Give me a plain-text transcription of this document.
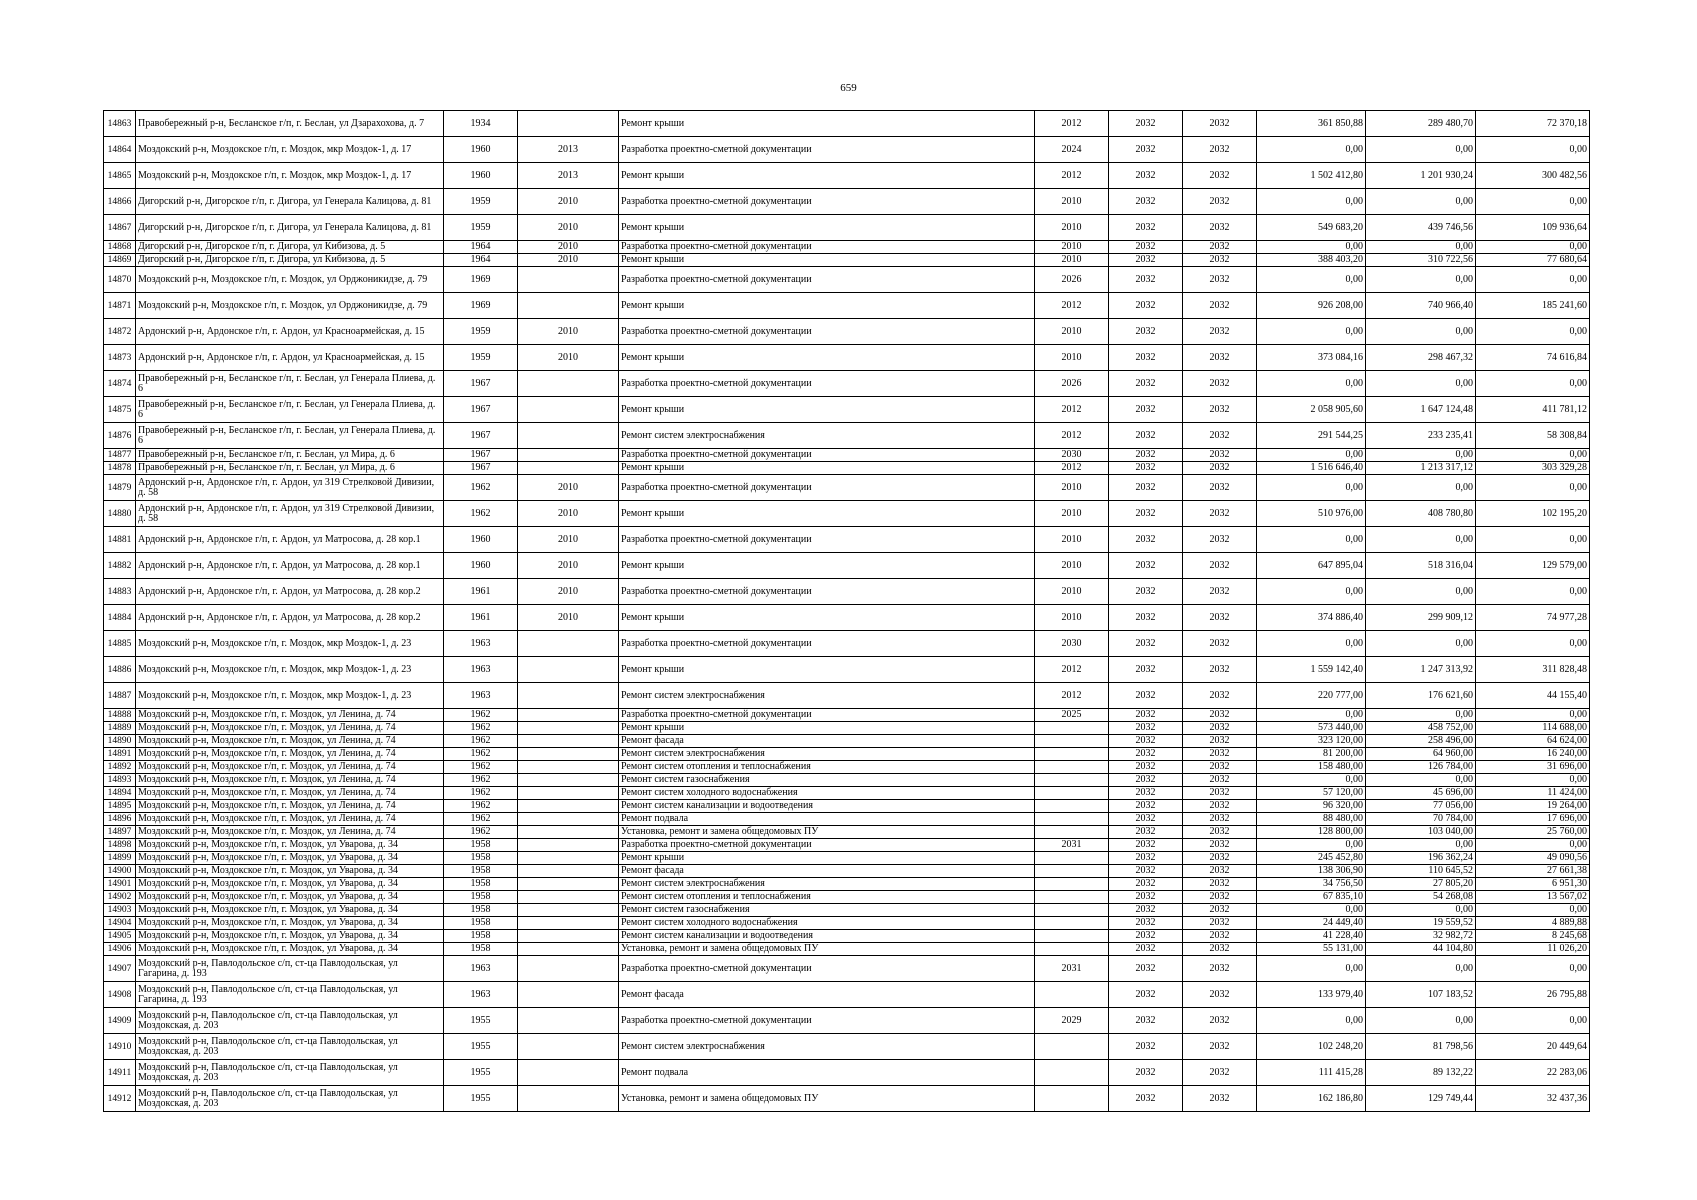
659
14863	Правобережный р-н, Бесланское г/п, г. Беслан, ул Дзарахохова, д. 7	1934		Ремонт крыши	2012	2032	2032	361 850,88	289 480,70	72 370,18
14864	Моздокский р-н, Моздокское г/п, г. Моздок, мкр Моздок-1, д. 17	1960	2013	Разработка проектно-сметной документации	2024	2032	2032	0,00	0,00	0,00
14865	Моздокский р-н, Моздокское г/п, г. Моздок, мкр Моздок-1, д. 17	1960	2013	Ремонт крыши	2012	2032	2032	1 502 412,80	1 201 930,24	300 482,56
14866	Дигорский р-н, Дигорское г/п, г. Дигора, ул Генерала Калицова, д. 81	1959	2010	Разработка проектно-сметной документации	2010	2032	2032	0,00	0,00	0,00
14867	Дигорский р-н, Дигорское г/п, г. Дигора, ул Генерала Калицова, д. 81	1959	2010	Ремонт крыши	2010	2032	2032	549 683,20	439 746,56	109 936,64
14868	Дигорский р-н, Дигорское г/п, г. Дигора, ул Кибизова, д. 5	1964	2010	Разработка проектно-сметной документации	2010	2032	2032	0,00	0,00	0,00
14869	Дигорский р-н, Дигорское г/п, г. Дигора, ул Кибизова, д. 5	1964	2010	Ремонт крыши	2010	2032	2032	388 403,20	310 722,56	77 680,64
14870	Моздокский р-н, Моздокское г/п, г. Моздок, ул Орджоникидзе, д. 79	1969		Разработка проектно-сметной документации	2026	2032	2032	0,00	0,00	0,00
14871	Моздокский р-н, Моздокское г/п, г. Моздок, ул Орджоникидзе, д. 79	1969		Ремонт крыши	2012	2032	2032	926 208,00	740 966,40	185 241,60
14872	Ардонский р-н, Ардонское г/п, г. Ардон, ул Красноармейская, д. 15	1959	2010	Разработка проектно-сметной документации	2010	2032	2032	0,00	0,00	0,00
14873	Ардонский р-н, Ардонское г/п, г. Ардон, ул Красноармейская, д. 15	1959	2010	Ремонт крыши	2010	2032	2032	373 084,16	298 467,32	74 616,84
14874	Правобережный р-н, Бесланское г/п, г. Беслан, ул Генерала Плиева, д. 6	1967		Разработка проектно-сметной документации	2026	2032	2032	0,00	0,00	0,00
14875	Правобережный р-н, Бесланское г/п, г. Беслан, ул Генерала Плиева, д. 6	1967		Ремонт крыши	2012	2032	2032	2 058 905,60	1 647 124,48	411 781,12
14876	Правобережный р-н, Бесланское г/п, г. Беслан, ул Генерала Плиева, д. 6	1967		Ремонт систем электроснабжения	2012	2032	2032	291 544,25	233 235,41	58 308,84
14877	Правобережный р-н, Бесланское г/п, г. Беслан, ул Мира, д. 6	1967		Разработка проектно-сметной документации	2030	2032	2032	0,00	0,00	0,00
14878	Правобережный р-н, Бесланское г/п, г. Беслан, ул Мира, д. 6	1967		Ремонт крыши	2012	2032	2032	1 516 646,40	1 213 317,12	303 329,28
14879	Ардонский р-н, Ардонское г/п, г. Ардон, ул 319 Стрелковой Дивизии, д. 58	1962	2010	Разработка проектно-сметной документации	2010	2032	2032	0,00	0,00	0,00
14880	Ардонский р-н, Ардонское г/п, г. Ардон, ул 319 Стрелковой Дивизии, д. 58	1962	2010	Ремонт крыши	2010	2032	2032	510 976,00	408 780,80	102 195,20
14881	Ардонский р-н, Ардонское г/п, г. Ардон, ул Матросова, д. 28 кор.1	1960	2010	Разработка проектно-сметной документации	2010	2032	2032	0,00	0,00	0,00
14882	Ардонский р-н, Ардонское г/п, г. Ардон, ул Матросова, д. 28 кор.1	1960	2010	Ремонт крыши	2010	2032	2032	647 895,04	518 316,04	129 579,00
14883	Ардонский р-н, Ардонское г/п, г. Ардон, ул Матросова, д. 28 кор.2	1961	2010	Разработка проектно-сметной документации	2010	2032	2032	0,00	0,00	0,00
14884	Ардонский р-н, Ардонское г/п, г. Ардон, ул Матросова, д. 28 кор.2	1961	2010	Ремонт крыши	2010	2032	2032	374 886,40	299 909,12	74 977,28
14885	Моздокский р-н, Моздокское г/п, г. Моздок, мкр Моздок-1, д. 23	1963		Разработка проектно-сметной документации	2030	2032	2032	0,00	0,00	0,00
14886	Моздокский р-н, Моздокское г/п, г. Моздок, мкр Моздок-1, д. 23	1963		Ремонт крыши	2012	2032	2032	1 559 142,40	1 247 313,92	311 828,48
14887	Моздокский р-н, Моздокское г/п, г. Моздок, мкр Моздок-1, д. 23	1963		Ремонт систем электроснабжения	2012	2032	2032	220 777,00	176 621,60	44 155,40
14888	Моздокский р-н, Моздокское г/п, г. Моздок, ул Ленина, д. 74	1962		Разработка проектно-сметной документации	2025	2032	2032	0,00	0,00	0,00
14889	Моздокский р-н, Моздокское г/п, г. Моздок, ул Ленина, д. 74	1962		Ремонт крыши		2032	2032	573 440,00	458 752,00	114 688,00
14890	Моздокский р-н, Моздокское г/п, г. Моздок, ул Ленина, д. 74	1962		Ремонт фасада		2032	2032	323 120,00	258 496,00	64 624,00
14891	Моздокский р-н, Моздокское г/п, г. Моздок, ул Ленина, д. 74	1962		Ремонт систем электроснабжения		2032	2032	81 200,00	64 960,00	16 240,00
14892	Моздокский р-н, Моздокское г/п, г. Моздок, ул Ленина, д. 74	1962		Ремонт систем отопления и теплоснабжения		2032	2032	158 480,00	126 784,00	31 696,00
14893	Моздокский р-н, Моздокское г/п, г. Моздок, ул Ленина, д. 74	1962		Ремонт систем газоснабжения		2032	2032	0,00	0,00	0,00
14894	Моздокский р-н, Моздокское г/п, г. Моздок, ул Ленина, д. 74	1962		Ремонт систем холодного водоснабжения		2032	2032	57 120,00	45 696,00	11 424,00
14895	Моздокский р-н, Моздокское г/п, г. Моздок, ул Ленина, д. 74	1962		Ремонт систем канализации и водоотведения		2032	2032	96 320,00	77 056,00	19 264,00
14896	Моздокский р-н, Моздокское г/п, г. Моздок, ул Ленина, д. 74	1962		Ремонт подвала		2032	2032	88 480,00	70 784,00	17 696,00
14897	Моздокский р-н, Моздокское г/п, г. Моздок, ул Ленина, д. 74	1962		Установка, ремонт и замена общедомовых ПУ		2032	2032	128 800,00	103 040,00	25 760,00
14898	Моздокский р-н, Моздокское г/п, г. Моздок, ул Уварова, д. 34	1958		Разработка проектно-сметной документации	2031	2032	2032	0,00	0,00	0,00
14899	Моздокский р-н, Моздокское г/п, г. Моздок, ул Уварова, д. 34	1958		Ремонт крыши		2032	2032	245 452,80	196 362,24	49 090,56
14900	Моздокский р-н, Моздокское г/п, г. Моздок, ул Уварова, д. 34	1958		Ремонт фасада		2032	2032	138 306,90	110 645,52	27 661,38
14901	Моздокский р-н, Моздокское г/п, г. Моздок, ул Уварова, д. 34	1958		Ремонт систем электроснабжения		2032	2032	34 756,50	27 805,20	6 951,30
14902	Моздокский р-н, Моздокское г/п, г. Моздок, ул Уварова, д. 34	1958		Ремонт систем отопления и теплоснабжения		2032	2032	67 835,10	54 268,08	13 567,02
14903	Моздокский р-н, Моздокское г/п, г. Моздок, ул Уварова, д. 34	1958		Ремонт систем газоснабжения		2032	2032	0,00	0,00	0,00
14904	Моздокский р-н, Моздокское г/п, г. Моздок, ул Уварова, д. 34	1958		Ремонт систем холодного водоснабжения		2032	2032	24 449,40	19 559,52	4 889,88
14905	Моздокский р-н, Моздокское г/п, г. Моздок, ул Уварова, д. 34	1958		Ремонт систем канализации и водоотведения		2032	2032	41 228,40	32 982,72	8 245,68
14906	Моздокский р-н, Моздокское г/п, г. Моздок, ул Уварова, д. 34	1958		Установка, ремонт и замена общедомовых ПУ		2032	2032	55 131,00	44 104,80	11 026,20
14907	Моздокский р-н, Павлодольское с/п, ст-ца Павлодольская, ул Гагарина, д. 193	1963		Разработка проектно-сметной документации	2031	2032	2032	0,00	0,00	0,00
14908	Моздокский р-н, Павлодольское с/п, ст-ца Павлодольская, ул Гагарина, д. 193	1963		Ремонт фасада		2032	2032	133 979,40	107 183,52	26 795,88
14909	Моздокский р-н, Павлодольское с/п, ст-ца Павлодольская, ул Моздокская, д. 203	1955		Разработка проектно-сметной документации	2029	2032	2032	0,00	0,00	0,00
14910	Моздокский р-н, Павлодольское с/п, ст-ца Павлодольская, ул Моздокская, д. 203	1955		Ремонт систем электроснабжения		2032	2032	102 248,20	81 798,56	20 449,64
14911	Моздокский р-н, Павлодольское с/п, ст-ца Павлодольская, ул Моздокская, д. 203	1955		Ремонт подвала		2032	2032	111 415,28	89 132,22	22 283,06
14912	Моздокский р-н, Павлодольское с/п, ст-ца Павлодольская, ул Моздокская, д. 203	1955		Установка, ремонт и замена общедомовых ПУ		2032	2032	162 186,80	129 749,44	32 437,36
